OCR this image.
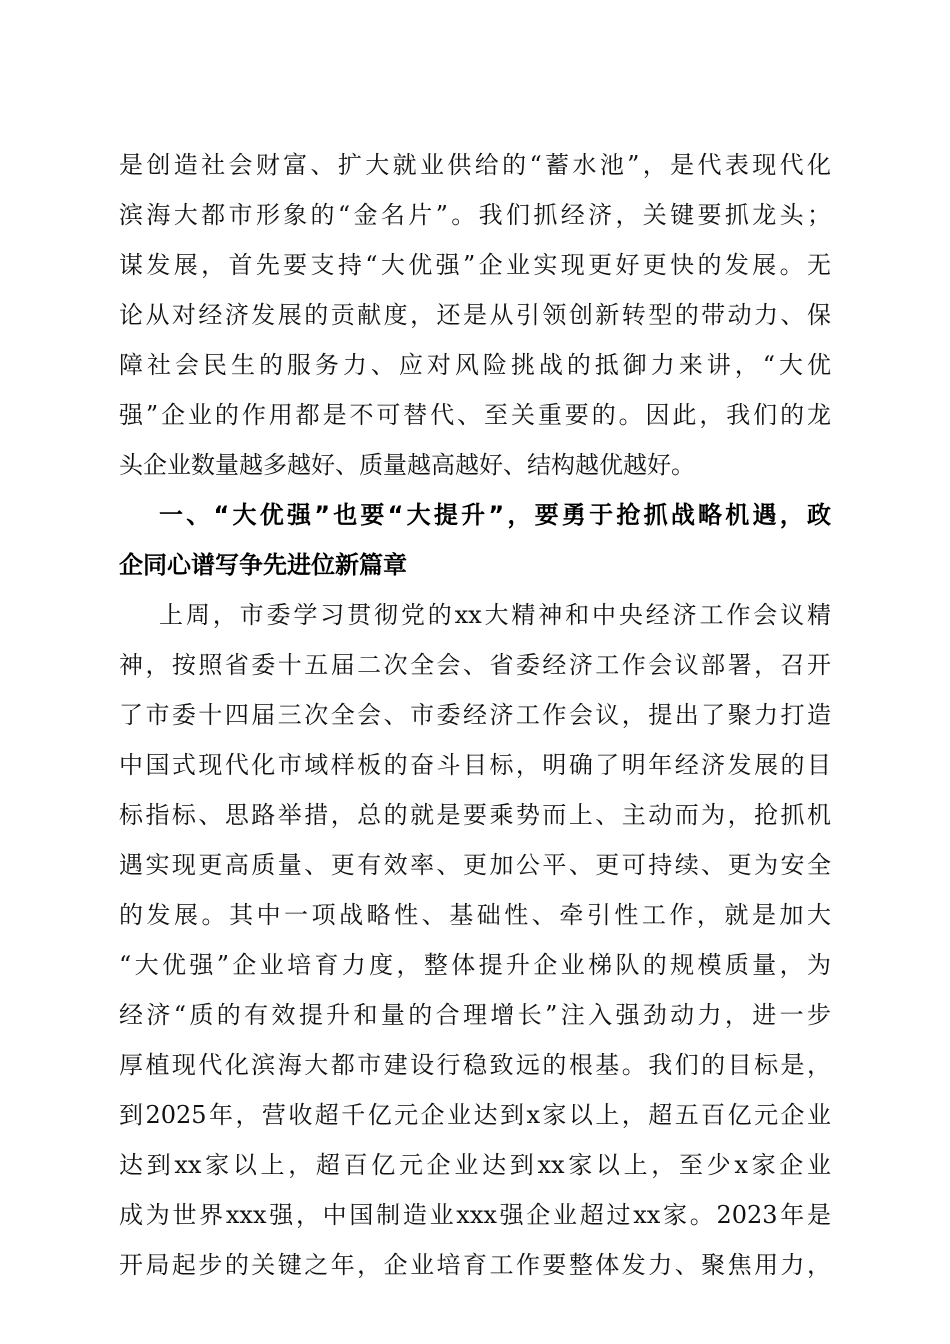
是创造社会财富、扩大就业供给的“蓄水池”，是代表现代化
滨海大都市形象的“金名片”。我们抓经济，关键要抓龙头；
谋发展，首先要支持“大优强”企业实现更好更快的发展。无
论从对经济发展的贡献度，还是从引领创新转型的带动力、保
障社会民生的服务力、应对风险挑战的抵御力来讲，“大优
强”企业的作用都是不可替代、至关重要的。因此，我们的龙
头企业数量越多越好、质量越高越好、结构越优越好。
一、“大优强”也要“大提升”，要勇于抢抓战略机遇，政
企同心谱写争先进位新篇章
上周，市委学习贯彻党的xx大精神和中央经济工作会议精
神，按照省委十五届二次全会、省委经济工作会议部署，召开
了市委十四届三次全会、市委经济工作会议，提出了聚力打造
中国式现代化市域样板的奋斗目标，明确了明年经济发展的目
标指标、思路举措，总的就是要乘势而上、主动而为，抢抓机
遇实现更高质量、更有效率、更加公平、更可持续、更为安全
的发展。其中一项战略性、基础性、牵引性工作，就是加大
“大优强”企业培育力度，整体提升企业梯队的规模质量，为
经济“质的有效提升和量的合理增长”注入强劲动力，进一步
厚植现代化滨海大都市建设行稳致远的根基。我们的目标是，
到2025年，营收超千亿元企业达到x家以上，超五百亿元企业
达到xx家以上，超百亿元企业达到xx家以上，至少x家企业
成为世界xxx强，中国制造业xxx强企业超过xx家。2023年是
开局起步的关键之年，企业培育工作要整体发力、聚焦用力，
